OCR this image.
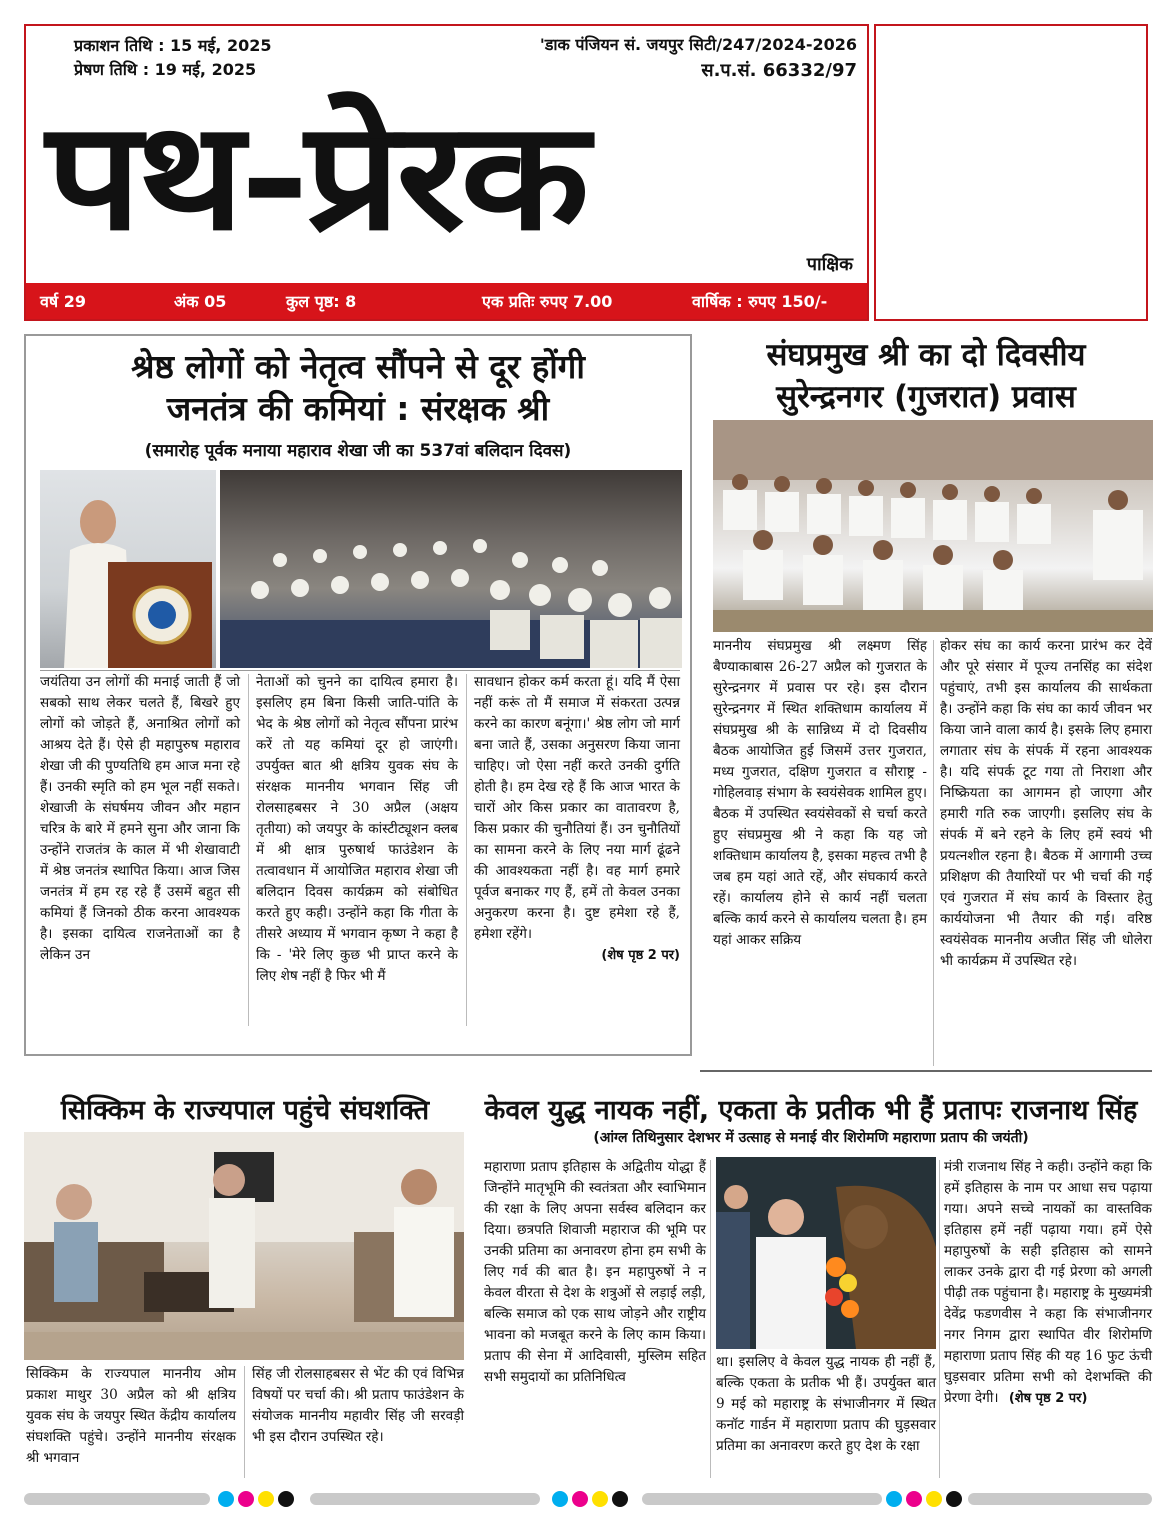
प्रकाशन तिथि : 15 मई, 2025
प्रेषण तिथि : 19 मई, 2025
'डाक पंजियन सं. जयपुर सिटी/247/2024-2026
स.प.सं. 66332/97
पथ-प्रेरक
पाक्षिक
वर्ष 29	अंक 05	कुल पृष्ठ: 8	एक प्रतिः रुपए 7.00	वार्षिक : रुपए 150/-
श्रेष्ठ लोगों को नेतृत्व सौंपने से दूर होंगी
जनतंत्र की कमियां : संरक्षक श्री
(समारोह पूर्वक मनाया महाराव शेखा जी का 537वां बलिदान दिवस)
जयंतिया उन लोगों की मनाई जाती हैं जो सबको साथ लेकर चलते हैं, बिखरे हुए लोगों को जोड़ते हैं, अनाश्रित लोगों को आश्रय देते हैं। ऐसे ही महापुरुष महाराव शेखा जी की पुण्यतिथि हम आज मना रहे हैं। उनकी स्मृति को हम भूल नहीं सकते। शेखाजी के संघर्षमय जीवन और महान चरित्र के बारे में हमने सुना और जाना कि उन्होंने राजतंत्र के काल में भी शेखावाटी में श्रेष्ठ जनतंत्र स्थापित किया। आज जिस जनतंत्र में हम रह रहे हैं उसमें बहुत सी कमियां हैं जिनको ठीक करना आवश्यक है। इसका दायित्व राजनेताओं का है लेकिन उन
नेताओं को चुनने का दायित्व हमारा है। इसलिए हम बिना किसी जाति-पांति के भेद के श्रेष्ठ लोगों को नेतृत्व सौंपना प्रारंभ करें तो यह कमियां दूर हो जाएंगी। उपर्युक्त बात श्री क्षत्रिय युवक संघ के संरक्षक माननीय भगवान सिंह जी रोलसाहबसर ने 30 अप्रैल (अक्षय तृतीया) को जयपुर के कांस्टीट्यूशन क्लब में श्री क्षात्र पुरुषार्थ फाउंडेशन के तत्वावधान में आयोजित महाराव शेखा जी बलिदान दिवस कार्यक्रम को संबोधित करते हुए कही। उन्होंने कहा कि गीता के तीसरे अध्याय में भगवान कृष्ण ने कहा है कि - 'मेरे लिए कुछ भी प्राप्त करने के लिए शेष नहीं है फिर भी मैं
सावधान होकर कर्म करता हूं। यदि मैं ऐसा नहीं करूं तो मैं समाज में संकरता उत्पन्न करने का कारण बनूंगा।' श्रेष्ठ लोग जो मार्ग बना जाते हैं, उसका अनुसरण किया जाना चाहिए। जो ऐसा नहीं करते उनकी दुर्गति होती है। हम देख रहे हैं कि आज भारत के चारों ओर किस प्रकार का वातावरण है, किस प्रकार की चुनौतियां हैं। उन चुनौतियों का सामना करने के लिए नया मार्ग ढूंढने की आवश्यकता नहीं है। वह मार्ग हमारे पूर्वज बनाकर गए हैं, हमें तो केवल उनका अनुकरण करना है। दुष्ट हमेशा रहे हैं, हमेशा रहेंगे।
(शेष पृष्ठ 2 पर)
संघप्रमुख श्री का दो दिवसीय
सुरेन्द्रनगर (गुजरात) प्रवास
माननीय संघप्रमुख श्री लक्ष्मण सिंह बैण्याकाबास 26-27 अप्रैल को गुजरात के सुरेन्द्रनगर में प्रवास पर रहे। इस दौरान सुरेन्द्रनगर में स्थित शक्तिधाम कार्यालय में संघप्रमुख श्री के सान्निध्य में दो दिवसीय बैठक आयोजित हुई जिसमें उत्तर गुजरात, मध्य गुजरात, दक्षिण गुजरात व सौराष्ट्र - गोहिलवाड़ संभाग के स्वयंसेवक शामिल हुए। बैठक में उपस्थित स्वयंसेवकों से चर्चा करते हुए संघप्रमुख श्री ने कहा कि यह जो शक्तिधाम कार्यालय है, इसका महत्त्व तभी है जब हम यहां आते रहें, और संघकार्य करते रहें। कार्यालय होने से कार्य नहीं चलता बल्कि कार्य करने से कार्यालय चलता है। हम यहां आकर सक्रिय
होकर संघ का कार्य करना प्रारंभ कर देवें और पूरे संसार में पूज्य तनसिंह का संदेश पहुंचाएं, तभी इस कार्यालय की सार्थकता है। उन्होंने कहा कि संघ का कार्य जीवन भर किया जाने वाला कार्य है। इसके लिए हमारा लगातार संघ के संपर्क में रहना आवश्यक है। यदि संपर्क टूट गया तो निराशा और निष्क्रियता का आगमन हो जाएगा और हमारी गति रुक जाएगी। इसलिए संघ के संपर्क में बने रहने के लिए हमें स्वयं भी प्रयत्नशील रहना है। बैठक में आगामी उच्च प्रशिक्षण की तैयारियों पर भी चर्चा की गई एवं गुजरात में संघ कार्य के विस्तार हेतु कार्ययोजना भी तैयार की गई। वरिष्ठ स्वयंसेवक माननीय अजीत सिंह जी धोलेरा भी कार्यक्रम में उपस्थित रहे।
सिक्किम के राज्यपाल पहुंचे संघशक्ति
सिक्किम के राज्यपाल माननीय ओम प्रकाश माथुर 30 अप्रैल को श्री क्षत्रिय युवक संघ के जयपुर स्थित केंद्रीय कार्यालय संघशक्ति पहुंचे। उन्होंने माननीय संरक्षक श्री भगवान
सिंह जी रोलसाहबसर से भेंट की एवं विभिन्न विषयों पर चर्चा की। श्री प्रताप फाउंडेशन के संयोजक माननीय महावीर सिंह जी सरवड़ी भी इस दौरान उपस्थित रहे।
केवल युद्ध नायक नहीं, एकता के प्रतीक भी हैं प्रतापः राजनाथ सिंह
(आंग्ल तिथिनुसार देशभर में उत्साह से मनाई वीर शिरोमणि महाराणा प्रताप की जयंती)
महाराणा प्रताप इतिहास के अद्वितीय योद्धा हैं जिन्होंने मातृभूमि की स्वतंत्रता और स्वाभिमान की रक्षा के लिए अपना सर्वस्व बलिदान कर दिया। छत्रपति शिवाजी महाराज की भूमि पर उनकी प्रतिमा का अनावरण होना हम सभी के लिए गर्व की बात है। इन महापुरुषों ने न केवल वीरता से देश के शत्रुओं से लड़ाई लड़ी, बल्कि समाज को एक साथ जोड़ने और राष्ट्रीय भावना को मजबूत करने के लिए काम किया। प्रताप की सेना में आदिवासी, मुस्लिम सहित सभी समुदायों का प्रतिनिधित्व
था। इसलिए वे केवल युद्ध नायक ही नहीं हैं, बल्कि एकता के प्रतीक भी हैं। उपर्युक्त बात 9 मई को महाराष्ट्र के संभाजीनगर में स्थित कनॉट गार्डन में महाराणा प्रताप की घुड़सवार प्रतिमा का अनावरण करते हुए देश के रक्षा
मंत्री राजनाथ सिंह ने कही। उन्होंने कहा कि हमें इतिहास के नाम पर आधा सच पढ़ाया गया। अपने सच्चे नायकों का वास्तविक इतिहास हमें नहीं पढ़ाया गया। हमें ऐसे महापुरुषों के सही इतिहास को सामने लाकर उनके द्वारा दी गई प्रेरणा को अगली पीढ़ी तक पहुंचाना है। महाराष्ट्र के मुख्यमंत्री देवेंद्र फडणवीस ने कहा कि संभाजीनगर नगर निगम द्वारा स्थापित वीर शिरोमणि महाराणा प्रताप सिंह की यह 16 फुट ऊंची घुड़सवार प्रतिमा सभी को देशभक्ति की प्रेरणा देगी। (शेष पृष्ठ 2 पर)
